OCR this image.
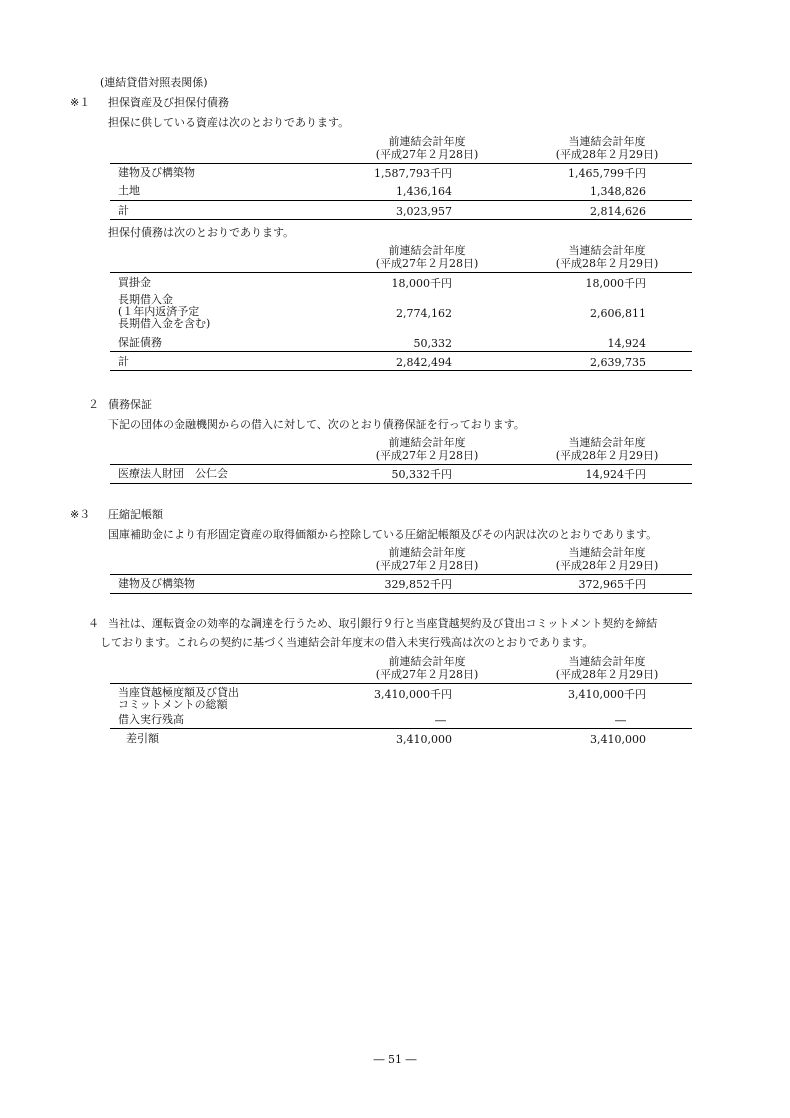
(連結貸借対照表関係)
※１ 担保資産及び担保付債務
担保に供している資産は次のとおりであります。
前連結会計年度
(平成27年２月28日)
当連結会計年度
(平成28年２月29日)
建物及び構築物	1,587,793千円	1,465,799千円
土地	1,436,164	1,348,826
計	3,023,957	2,814,626
担保付債務は次のとおりであります。
前連結会計年度
(平成27年２月28日)
当連結会計年度
(平成28年２月29日)
買掛金	18,000千円	18,000千円
長期借入金
(１年内返済予定
長期借入金を含む)
2,774,162	2,606,811
保証債務	50,332	14,924
計	2,842,494	2,639,735
２ 債務保証
下記の団体の金融機関からの借入に対して、次のとおり債務保証を行っております。
前連結会計年度
(平成27年２月28日)
当連結会計年度
(平成28年２月29日)
医療法人財団　公仁会	50,332千円	14,924千円
※３ 圧縮記帳額
国庫補助金により有形固定資産の取得価額から控除している圧縮記帳額及びその内訳は次のとおりであります。
前連結会計年度
(平成27年２月28日)
当連結会計年度
(平成28年２月29日)
建物及び構築物	329,852千円	372,965千円
４ 当社は、運転資金の効率的な調達を行うため、取引銀行９行と当座貸越契約及び貸出コミットメント契約を締結
しております。これらの契約に基づく当連結会計年度末の借入未実行残高は次のとおりであります。
前連結会計年度
(平成27年２月28日)
当連結会計年度
(平成28年２月29日)
当座貸越極度額及び貸出
コミットメントの総額
3,410,000千円	3,410,000千円
借入実行残高	―	―
差引額	3,410,000	3,410,000
― 51 ―
